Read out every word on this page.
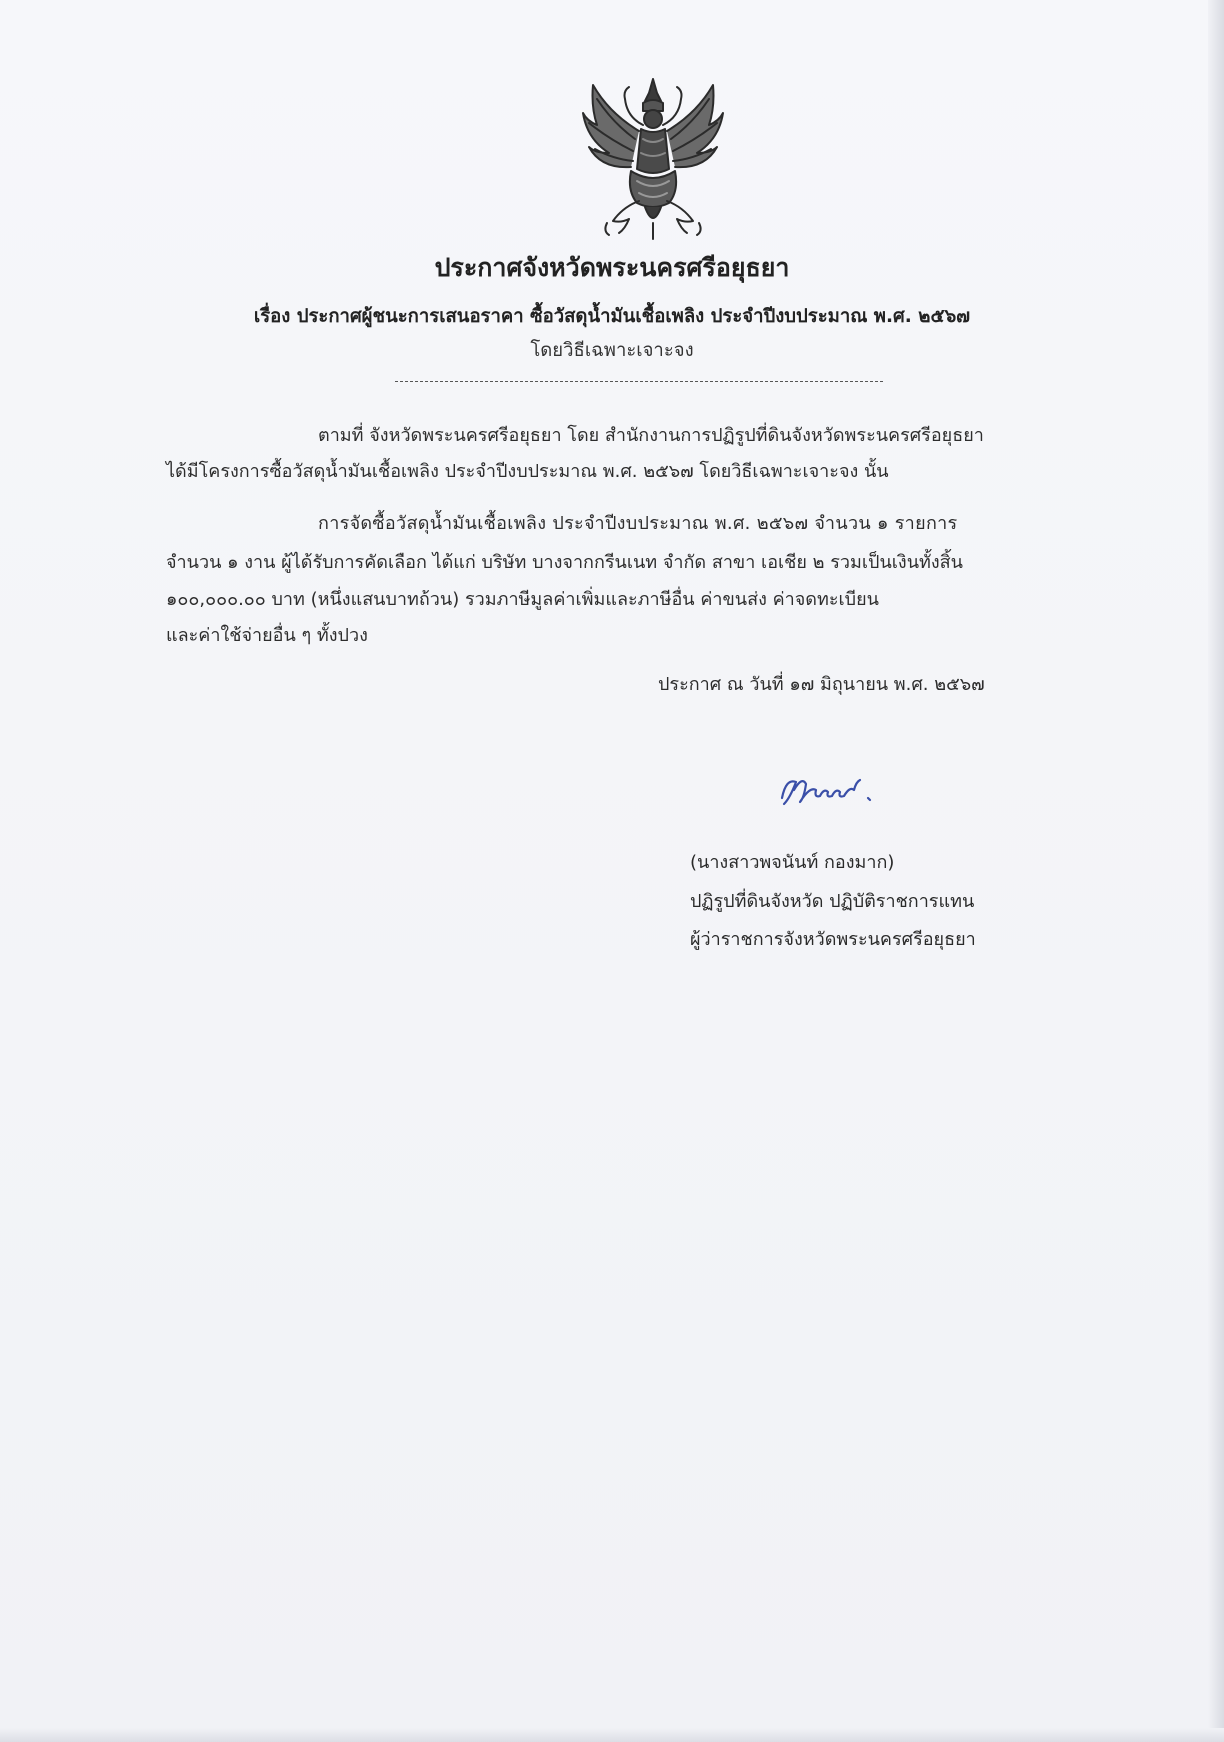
ประกาศจังหวัดพระนครศรีอยุธยา
เรื่อง ประกาศผู้ชนะการเสนอราคา ซื้อวัสดุน้ำมันเชื้อเพลิง ประจำปีงบประมาณ พ.ศ. ๒๕๖๗
โดยวิธีเฉพาะเจาะจง
ตามที่ จังหวัดพระนครศรีอยุธยา โดย สำนักงานการปฏิรูปที่ดินจังหวัดพระนครศรีอยุธยา
ได้มีโครงการซื้อวัสดุน้ำมันเชื้อเพลิง ประจำปีงบประมาณ พ.ศ. ๒๕๖๗ โดยวิธีเฉพาะเจาะจง นั้น
การจัดซื้อวัสดุน้ำมันเชื้อเพลิง ประจำปีงบประมาณ พ.ศ. ๒๕๖๗ จำนวน ๑ รายการ
จำนวน ๑ งาน ผู้ได้รับการคัดเลือก ได้แก่ บริษัท บางจากกรีนเนท จำกัด สาขา เอเชีย ๒ รวมเป็นเงินทั้งสิ้น
๑๐๐,๐๐๐.๐๐ บาท (หนึ่งแสนบาทถ้วน) รวมภาษีมูลค่าเพิ่มและภาษีอื่น ค่าขนส่ง ค่าจดทะเบียน
และค่าใช้จ่ายอื่น ๆ ทั้งปวง
ประกาศ ณ วันที่ ๑๗ มิถุนายน พ.ศ. ๒๕๖๗
(นางสาวพจนันท์ กองมาก)
ปฏิรูปที่ดินจังหวัด ปฏิบัติราชการแทน
ผู้ว่าราชการจังหวัดพระนครศรีอยุธยา
